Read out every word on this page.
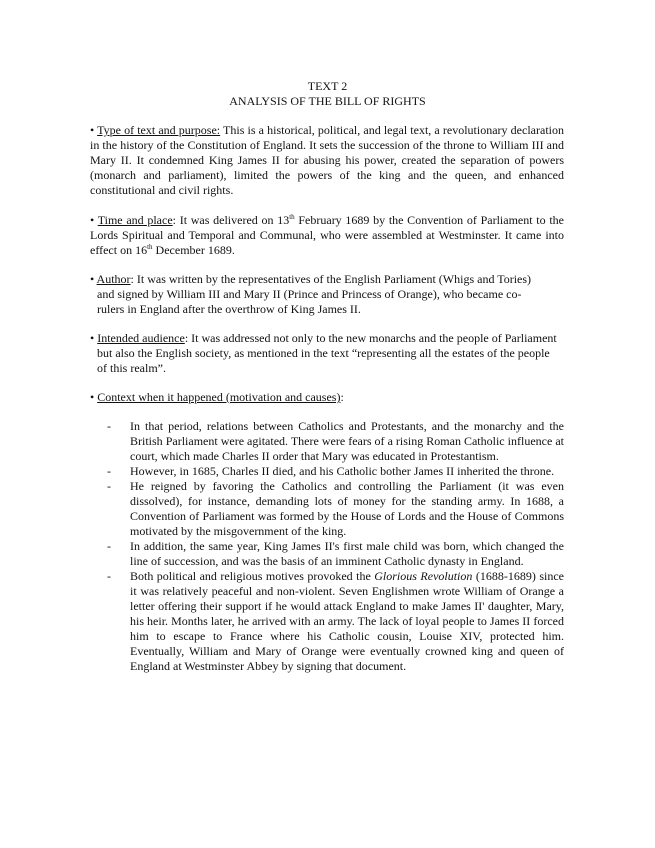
TEXT 2
ANALYSIS OF THE BILL OF RIGHTS

• Type of text and purpose: This is a historical, political, and legal text, a revolutionary declaration in the history of the Constitution of England. It sets the succession of the throne to William III and Mary II. It condemned King James II for abusing his power, created the separation of powers (monarch and parliament), limited the powers of the king and the queen, and enhanced constitutional and civil rights.

• Time and place: It was delivered on 13th February 1689 by the Convention of Parliament to the Lords Spiritual and Temporal and Communal, who were assembled at Westminster. It came into effect on 16th December 1689.

• Author: It was written by the representatives of the English Parliament (Whigs and Tories) and signed by William III and Mary II (Prince and Princess of Orange), who became co-rulers in England after the overthrow of King James II.

• Intended audience: It was addressed not only to the new monarchs and the people of Parliament but also the English society, as mentioned in the text “representing all the estates of the people of this realm”.

• Context when it happened (motivation and causes):

- In that period, relations between Catholics and Protestants, and the monarchy and the British Parliament were agitated. There were fears of a rising Roman Catholic influence at court, which made Charles II order that Mary was educated in Protestantism.
- However, in 1685, Charles II died, and his Catholic bother James II inherited the throne.
- He reigned by favoring the Catholics and controlling the Parliament (it was even dissolved), for instance, demanding lots of money for the standing army. In 1688, a Convention of Parliament was formed by the House of Lords and the House of Commons motivated by the misgovernment of the king.
- In addition, the same year, King James II's first male child was born, which changed the line of succession, and was the basis of an imminent Catholic dynasty in England.
- Both political and religious motives provoked the Glorious Revolution (1688-1689) since it was relatively peaceful and non-violent. Seven Englishmen wrote William of Orange a letter offering their support if he would attack England to make James II' daughter, Mary, his heir. Months later, he arrived with an army. The lack of loyal people to James II forced him to escape to France where his Catholic cousin, Louise XIV, protected him. Eventually, William and Mary of Orange were eventually crowned king and queen of England at Westminster Abbey by signing that document.
